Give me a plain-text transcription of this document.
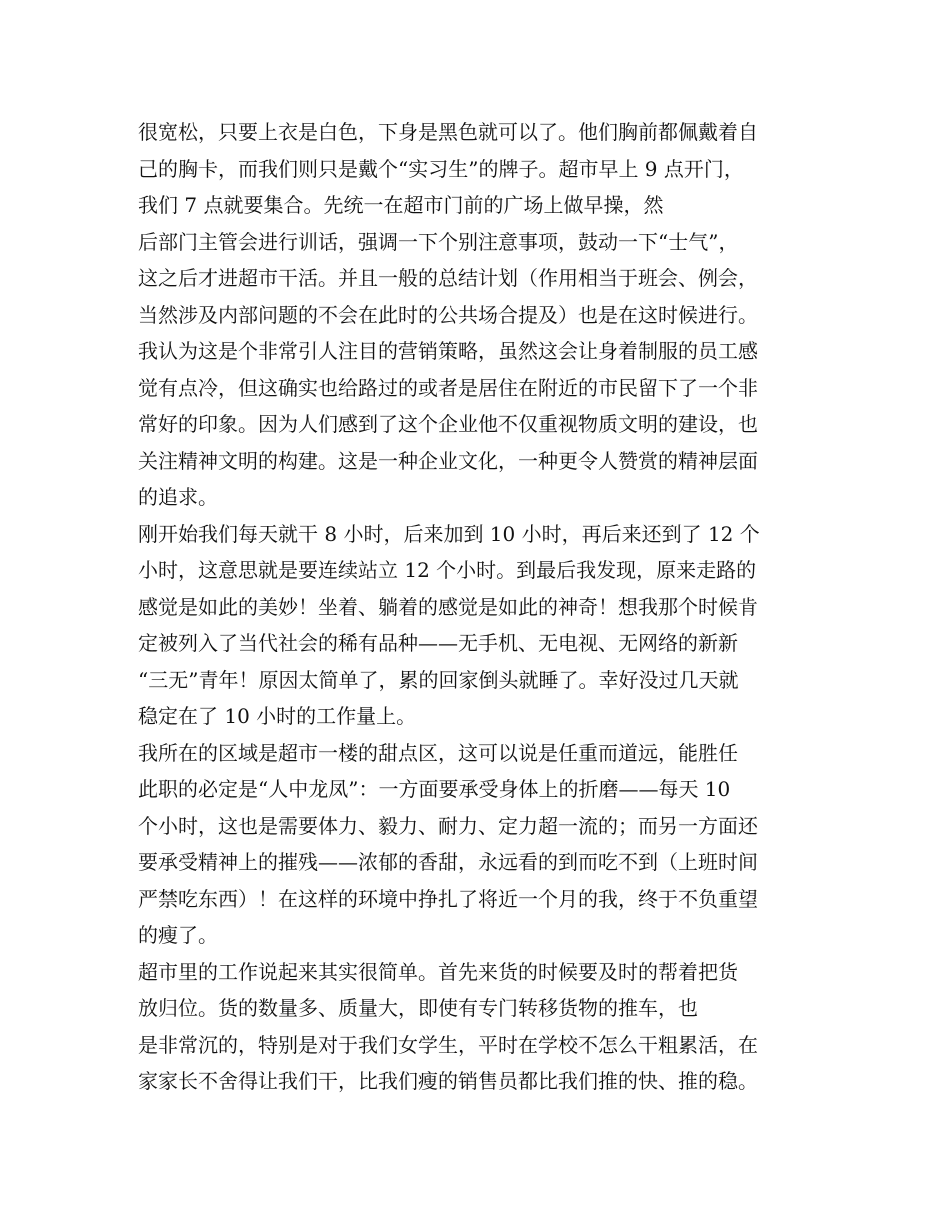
很宽松，只要上衣是白色，下身是黑色就可以了。他们胸前都佩戴着自
己的胸卡，而我们则只是戴个“实习生”的牌子。超市早上 9 点开门，
我们 7 点就要集合。先统一在超市门前的广场上做早操，然
后部门主管会进行训话，强调一下个别注意事项，鼓动一下“士气”，
这之后才进超市干活。并且一般的总结计划（作用相当于班会、例会，
当然涉及内部问题的不会在此时的公共场合提及）也是在这时候进行。
我认为这是个非常引人注目的营销策略，虽然这会让身着制服的员工感
觉有点冷，但这确实也给路过的或者是居住在附近的市民留下了一个非
常好的印象。因为人们感到了这个企业他不仅重视物质文明的建设，也
关注精神文明的构建。这是一种企业文化，一种更令人赞赏的精神层面
的追求。
刚开始我们每天就干 8 小时，后来加到 10 小时，再后来还到了 12 个
小时，这意思就是要连续站立 12 个小时。到最后我发现，原来走路的
感觉是如此的美妙！坐着、躺着的感觉是如此的神奇！想我那个时候肯
定被列入了当代社会的稀有品种——无手机、无电视、无网络的新新
“三无”青年！原因太简单了，累的回家倒头就睡了。幸好没过几天就
稳定在了 10 小时的工作量上。
我所在的区域是超市一楼的甜点区，这可以说是任重而道远，能胜任
此职的必定是“人中龙凤”：一方面要承受身体上的折磨——每天 10
个小时，这也是需要体力、毅力、耐力、定力超一流的；而另一方面还
要承受精神上的摧残——浓郁的香甜，永远看的到而吃不到（上班时间
严禁吃东西）！在这样的环境中挣扎了将近一个月的我，终于不负重望
的瘦了。
超市里的工作说起来其实很简单。首先来货的时候要及时的帮着把货
放归位。货的数量多、质量大，即使有专门转移货物的推车，也
是非常沉的，特别是对于我们女学生，平时在学校不怎么干粗累活，在
家家长不舍得让我们干，比我们瘦的销售员都比我们推的快、推的稳。
